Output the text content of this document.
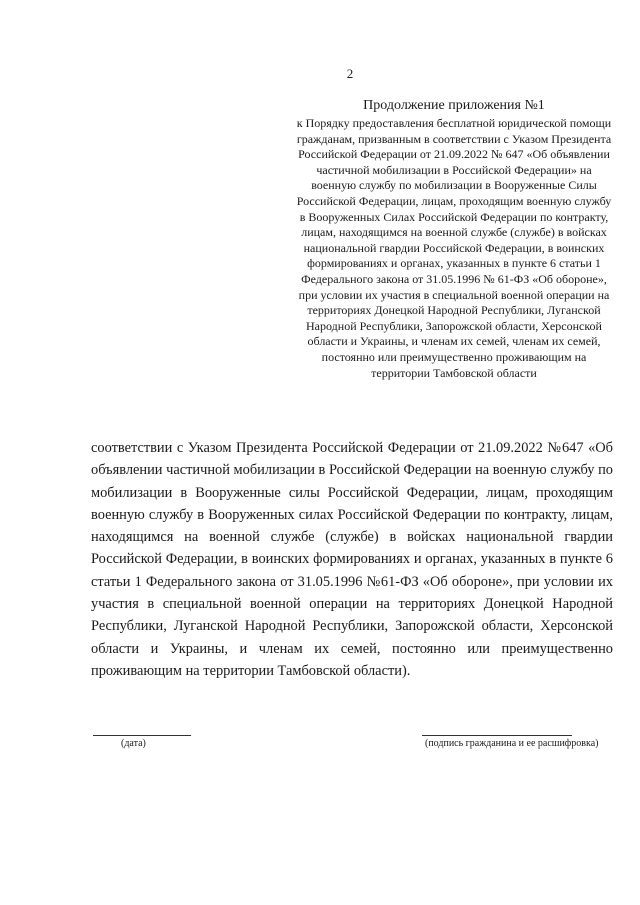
2
Продолжение приложения №1
к Порядку предоставления бесплатной юридической помощи гражданам, призванным в соответствии с Указом Президента Российской Федерации от 21.09.2022 № 647 «Об объявлении частичной мобилизации в Российской Федерации» на военную службу по мобилизации в Вооруженные Силы Российской Федерации, лицам, проходящим военную службу в Вооруженных Силах Российской Федерации по контракту, лицам, находящимся на военной службе (службе) в войсках национальной гвардии Российской Федерации, в воинских формированиях и органах, указанных в пункте 6 статьи 1 Федерального закона от 31.05.1996 № 61-ФЗ «Об обороне», при условии их участия в специальной военной операции на территориях Донецкой Народной Республики, Луганской Народной Республики, Запорожской области, Херсонской области и Украины, и членам их семей, членам их семей, постоянно или преимущественно проживающим на территории Тамбовской области
соответствии с Указом Президента Российской Федерации от 21.09.2022 №647 «Об объявлении частичной мобилизации в Российской Федерации на военную службу по мобилизации в Вооруженные силы Российской Федерации, лицам, проходящим военную службу в Вооруженных силах Российской Федерации по контракту, лицам, находящимся на военной службе (службе) в войсках национальной гвардии Российской Федерации, в воинских формированиях и органах, указанных в пункте 6 статьи 1 Федерального закона от 31.05.1996 №61-ФЗ «Об обороне», при условии их участия в специальной военной операции на территориях Донецкой Народной Республики, Луганской Народной Республики, Запорожской области, Херсонской области и Украины, и членам их семей, постоянно или преимущественно проживающим на территории Тамбовской области).
(дата)	(подпись гражданина и ее расшифровка)
